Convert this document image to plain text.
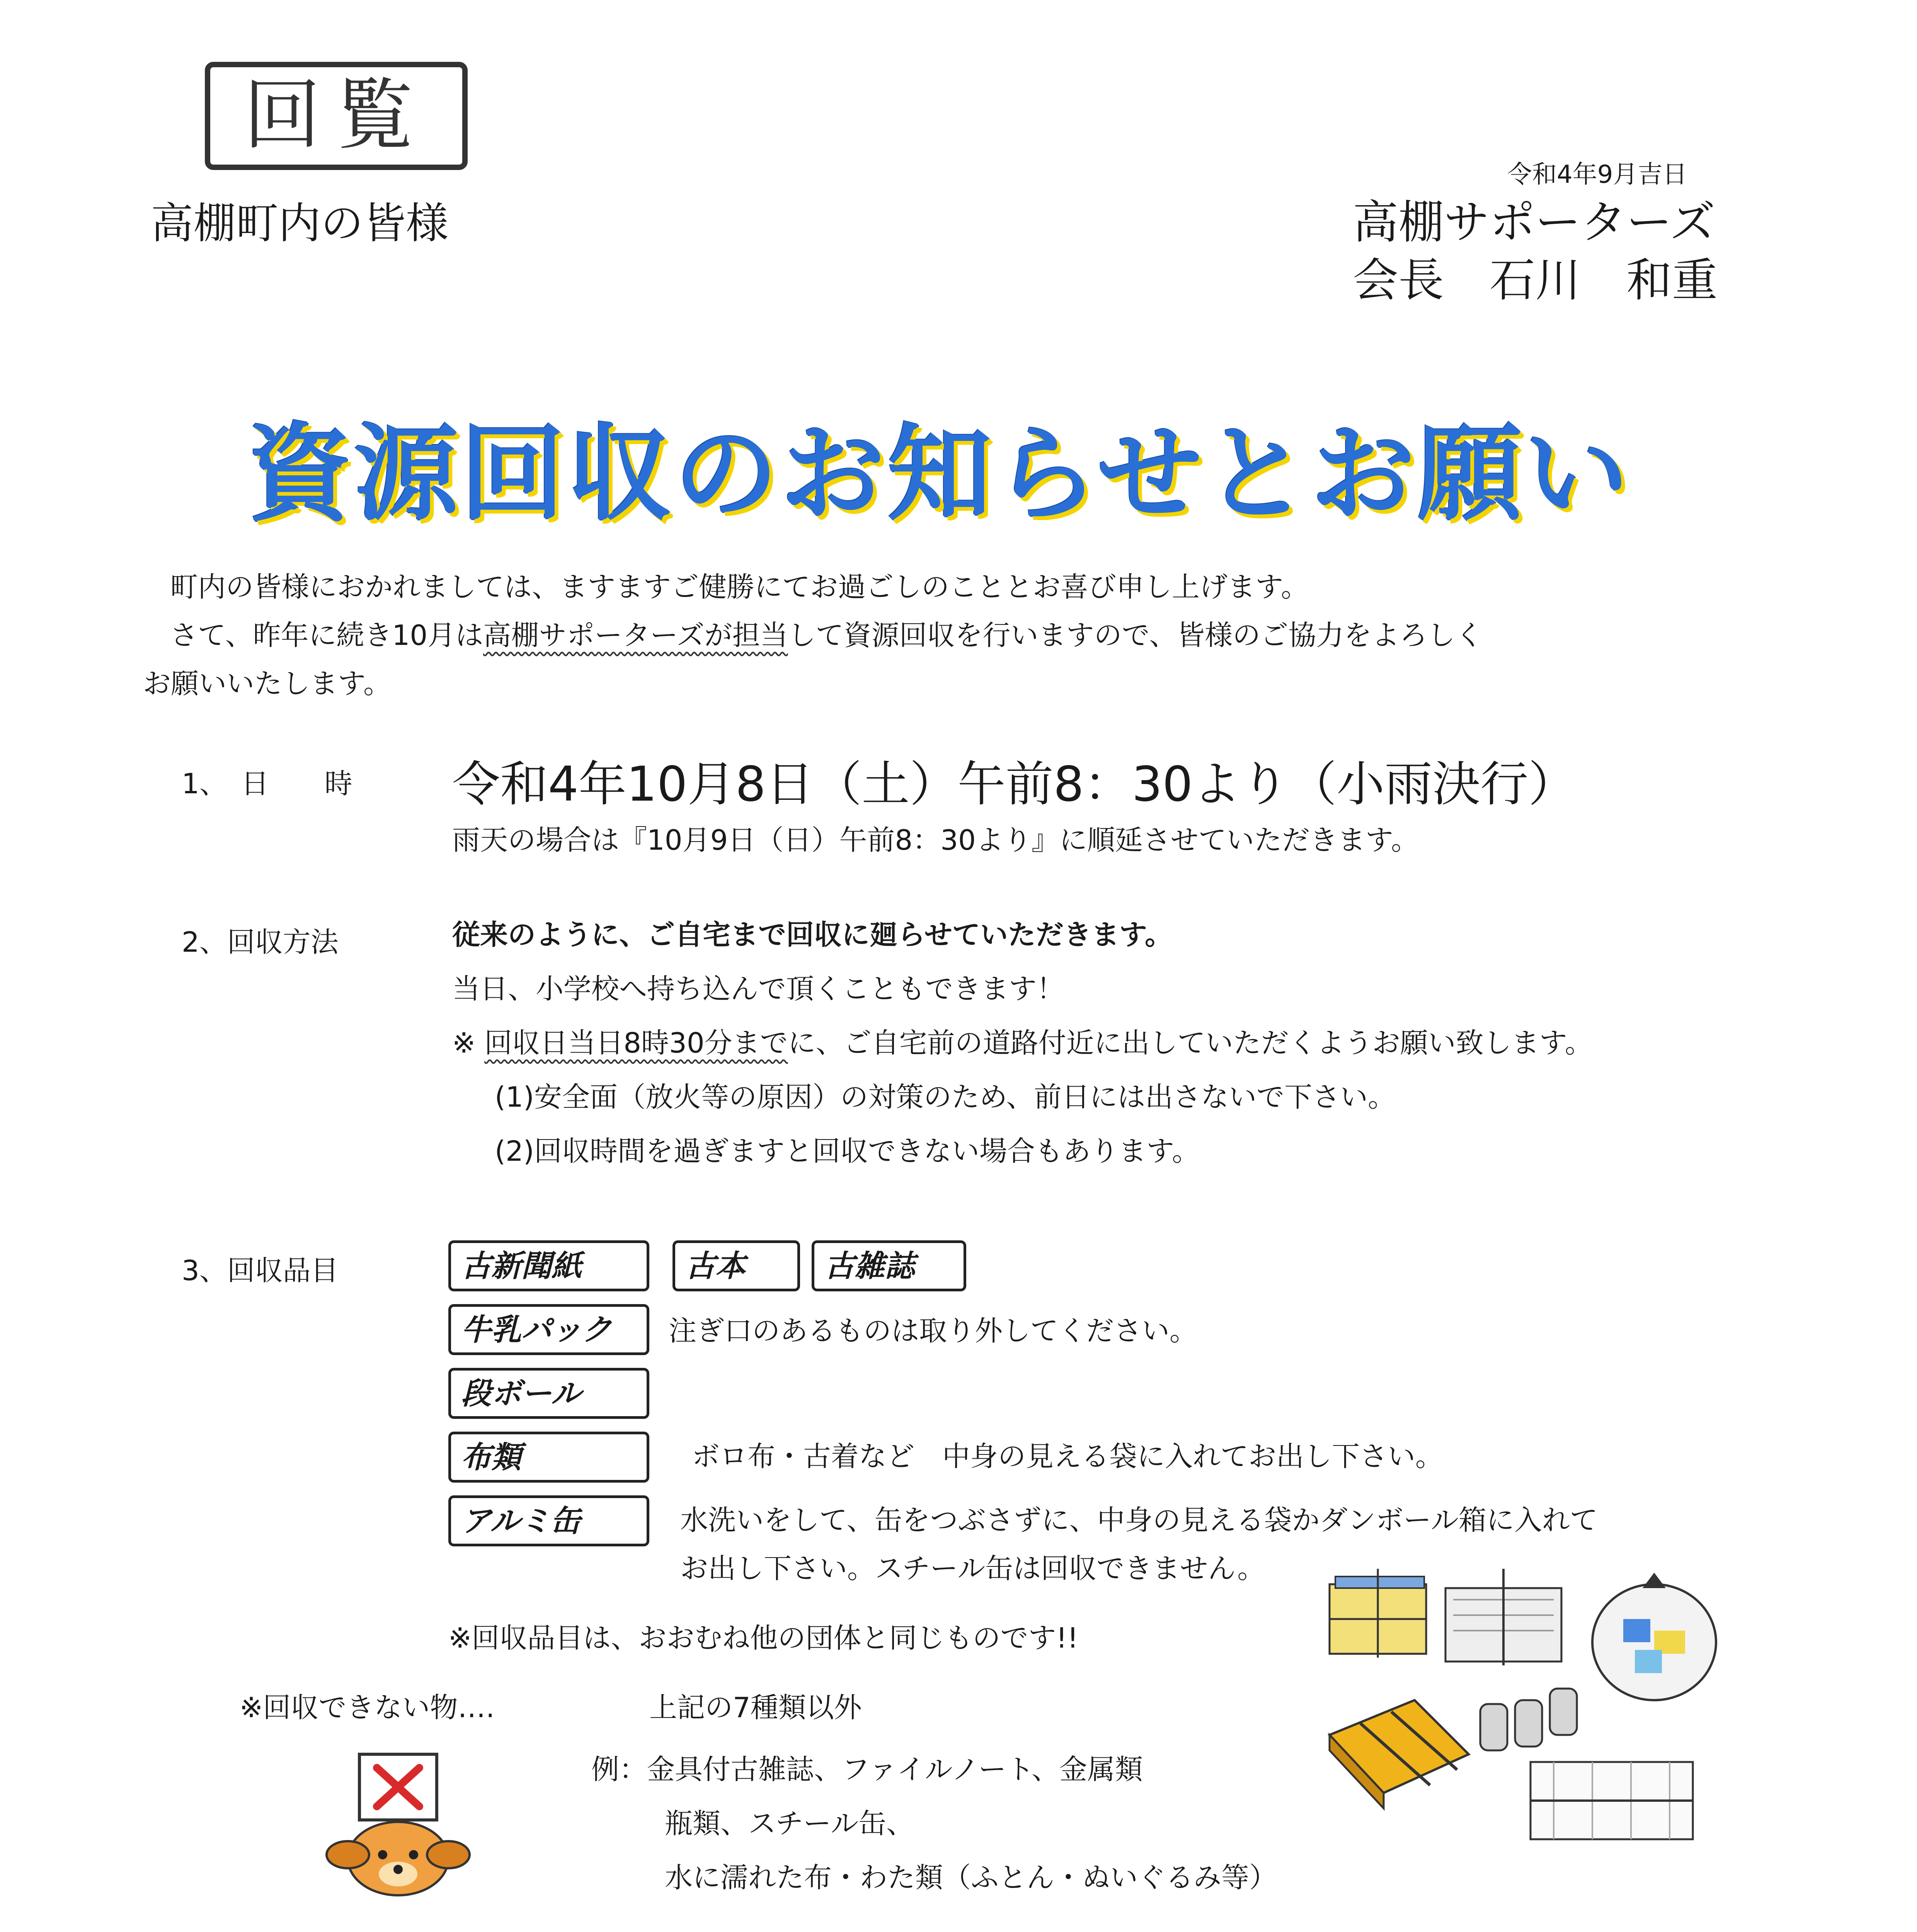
回覧
高棚町内の皆様
令和4年9月吉日
高棚サポーターズ
会長　石川　和重
資源回収のお知らせとお願い
町内の皆様におかれましては、ますますご健勝にてお過ごしのこととお喜び申し上げます。
さて、昨年に続き10月は高棚サポーターズが担当して資源回収を行いますので、皆様のご協力をよろしく
お願いいたします。
1、　日　　時 令和4年10月8日（土）午前8：30より（小雨決行）
雨天の場合は『10月9日（日）午前8：30より』に順延させていただきます。
2、回収方法	従来のように、ご自宅まで回収に廻らせていただきます。
当日、小学校へ持ち込んで頂くこともできます！
※ 回収日当日8時30分までに、ご自宅前の道路付近に出していただくようお願い致します。
(1)安全面（放火等の原因）の対策のため、前日には出さないで下さい。
(2)回収時間を過ぎますと回収できない場合もあります。
3、回収品目	古新聞紙	古本	古雑誌
牛乳パック	注ぎ口のあるものは取り外してください。
段ボール
布類	ボロ布・古着など　中身の見える袋に入れてお出し下さい。
アルミ缶	水洗いをして、缶をつぶさずに、中身の見える袋かダンボール箱に入れて
お出し下さい。スチール缶は回収できません。
※回収品目は、おおむね他の団体と同じものです!!
※回収できない物‥‥	上記の7種類以外
例：金具付古雑誌、ファイルノート、金属類
瓶類、スチール缶、
水に濡れた布・わた類（ふとん・ぬいぐるみ等）
